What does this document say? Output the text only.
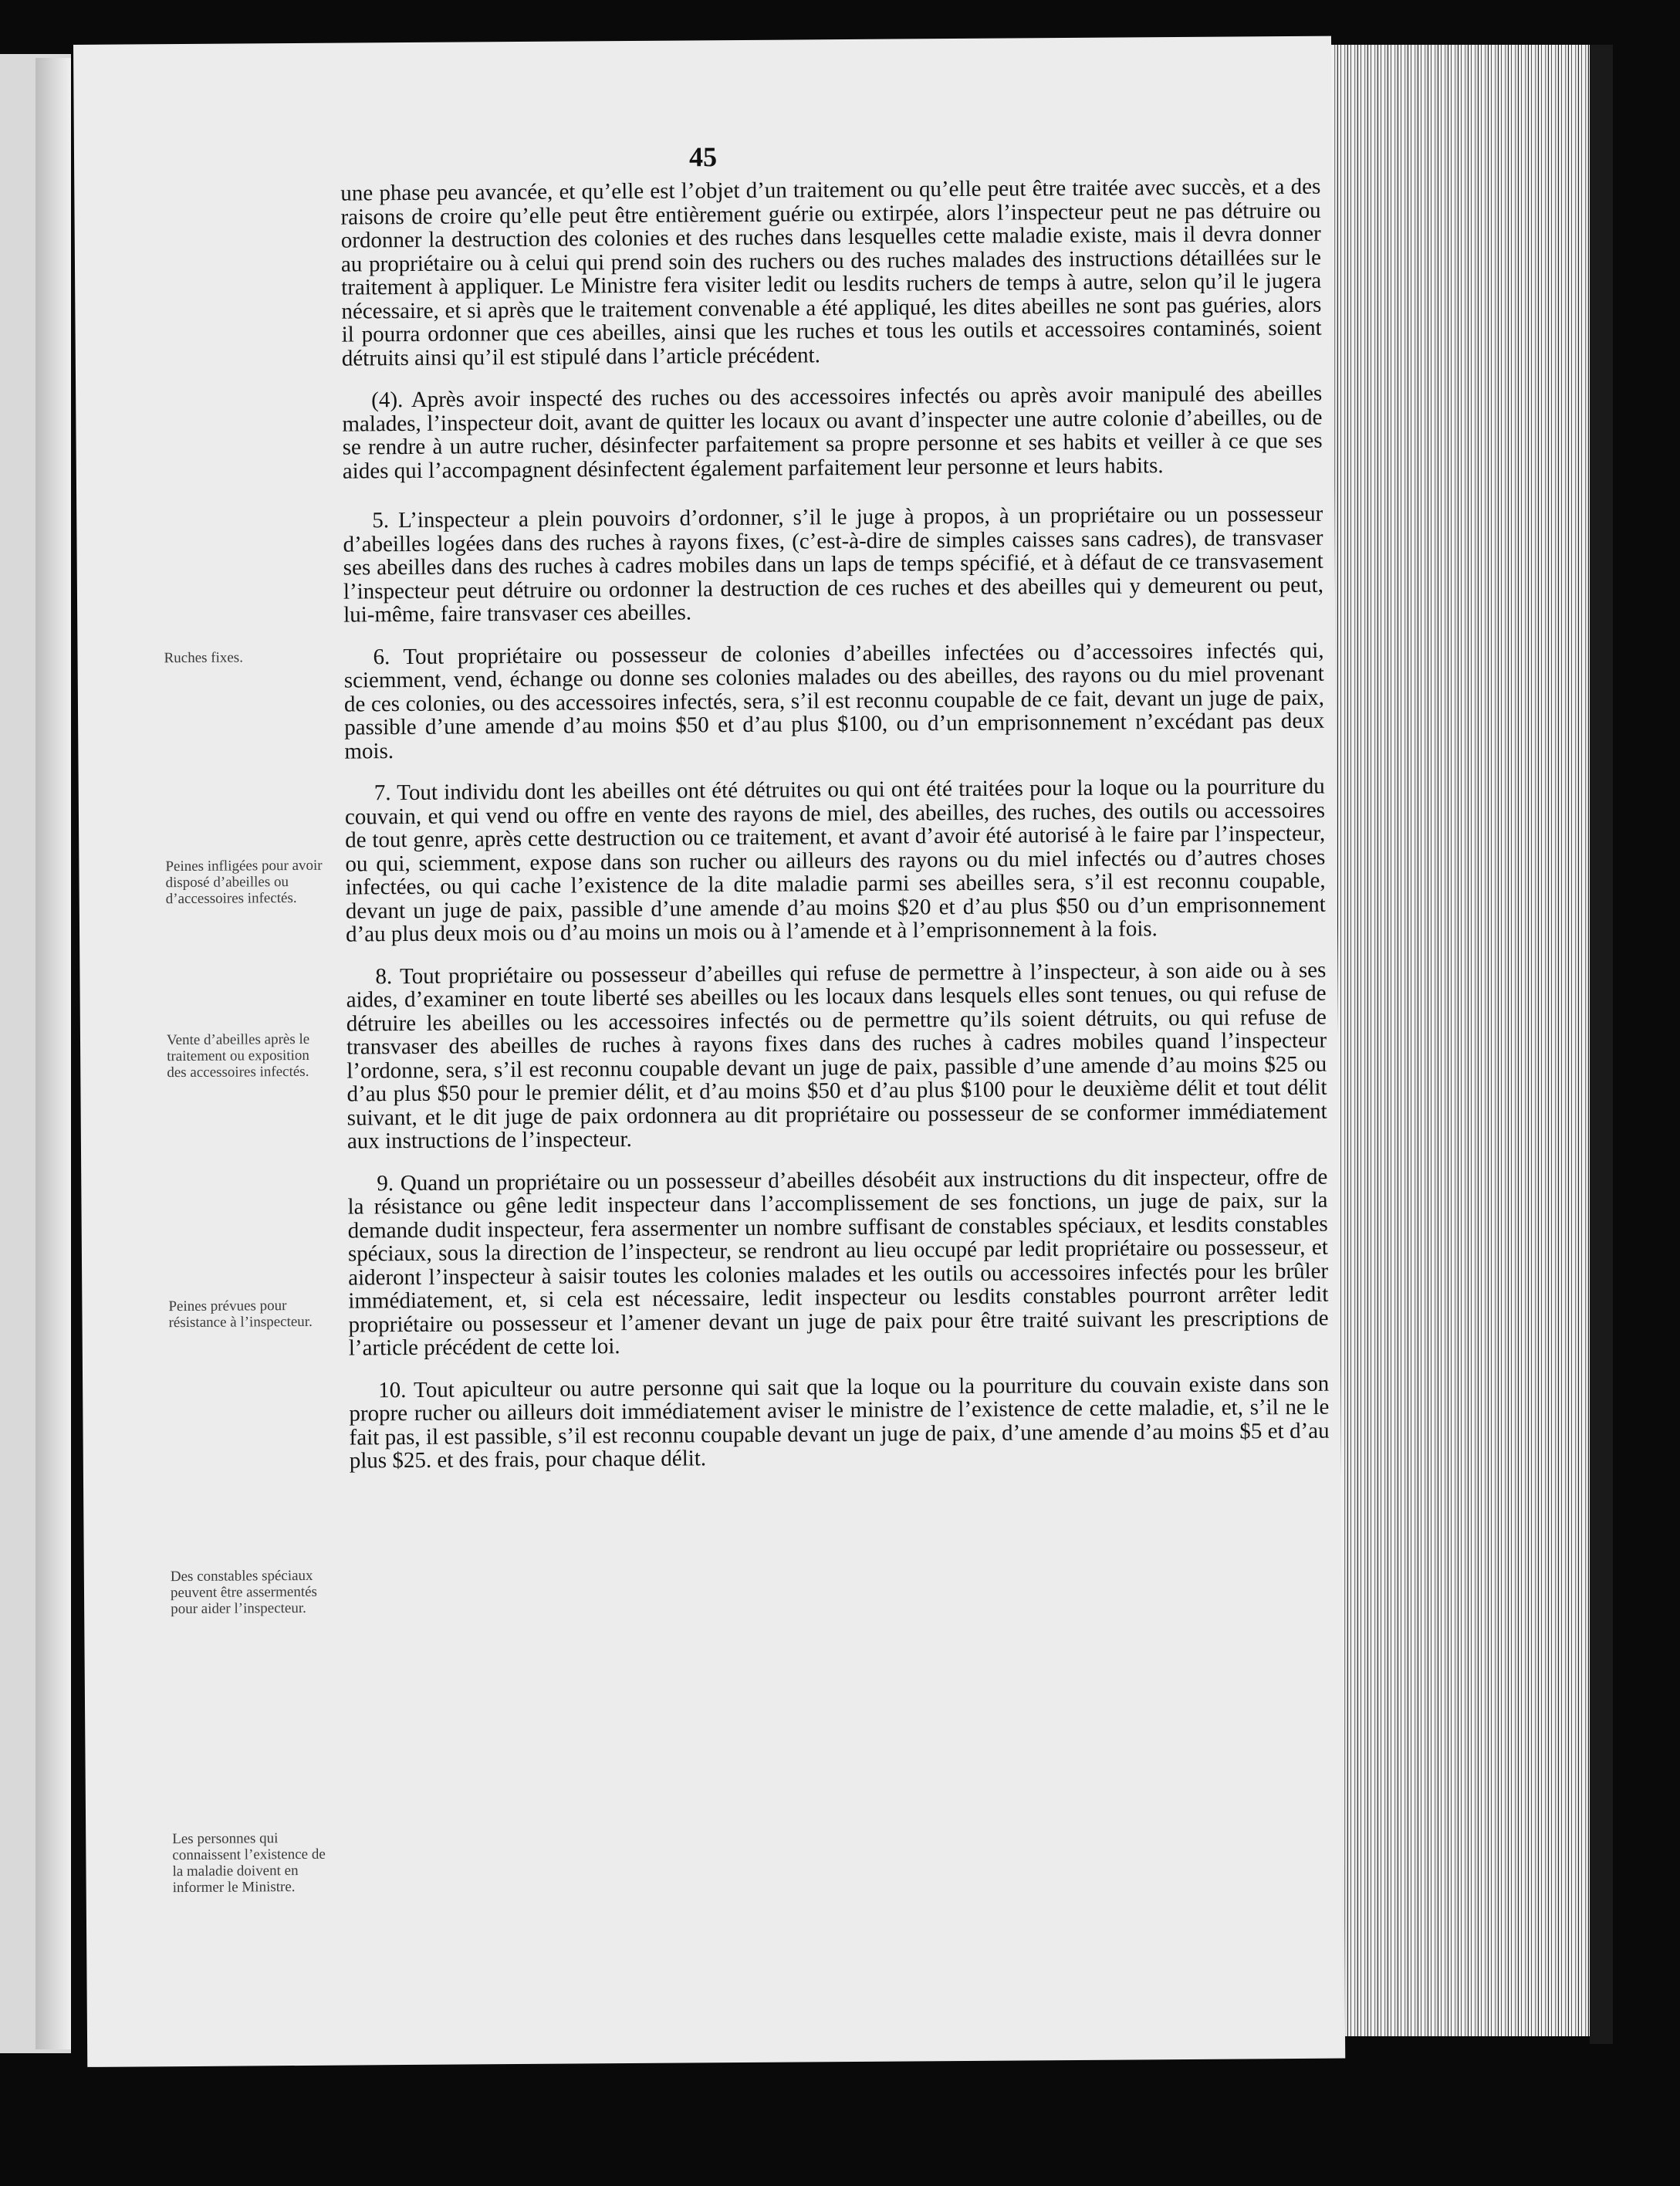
45

une phase peu avancée, et qu’elle est l’objet d’un traitement ou qu’elle peut être traitée avec succès, et a des raisons de croire qu’elle peut être entièrement guérie ou extirpée, alors l’inspecteur peut ne pas détruire ou ordonner la destruction des colonies et des ruches dans lesquelles cette maladie existe, mais il devra donner au propriétaire ou à celui qui prend soin des ruchers ou des ruches malades des instructions détaillées sur le traitement à appliquer. Le Ministre fera visiter ledit ou lesdits ruchers de temps à autre, selon qu’il le jugera nécessaire, et si après que le traitement convenable a été appliqué, les dites abeilles ne sont pas guéries, alors il pourra ordonner que ces abeilles, ainsi que les ruches et tous les outils et accessoires contaminés, soient détruits ainsi qu’il est stipulé dans l’article précédent.

(4). Après avoir inspecté des ruches ou des accessoires infectés ou après avoir manipulé des abeilles malades, l’inspecteur doit, avant de quitter les locaux ou avant d’inspecter une autre colonie d’abeilles, ou de se rendre à un autre rucher, désinfecter parfaitement sa propre personne et ses habits et veiller à ce que ses aides qui l’accompagnent désinfectent également parfaitement leur personne et leurs habits.

5. L’inspecteur a plein pouvoirs d’ordonner, s’il le juge à propos, à un propriétaire ou un possesseur d’abeilles logées dans des ruches à rayons fixes, (c’est-à-dire de simples caisses sans cadres), de transvaser ses abeilles dans des ruches à cadres mobiles dans un laps de temps spécifié, et à défaut de ce transvasement l’inspecteur peut détruire ou ordonner la destruction de ces ruches et des abeilles qui y demeurent ou peut, lui-même, faire transvaser ces abeilles.

6. Tout propriétaire ou possesseur de colonies d’abeilles infectées ou d’accessoires infectés qui, sciemment, vend, échange ou donne ses colonies malades ou des abeilles, des rayons ou du miel provenant de ces colonies, ou des accessoires infectés, sera, s’il est reconnu coupable de ce fait, devant un juge de paix, passible d’une amende d’au moins $50 et d’au plus $100, ou d’un emprisonnement n’excédant pas deux mois.

7. Tout individu dont les abeilles ont été détruites ou qui ont été traitées pour la loque ou la pourriture du couvain, et qui vend ou offre en vente des rayons de miel, des abeilles, des ruches, des outils ou accessoires de tout genre, après cette destruction ou ce traitement, et avant d’avoir été autorisé à le faire par l’inspecteur, ou qui, sciemment, expose dans son rucher ou ailleurs des rayons ou du miel infectés ou d’autres choses infectées, ou qui cache l’existence de la dite maladie parmi ses abeilles sera, s’il est reconnu coupable, devant un juge de paix, passible d’une amende d’au moins $20 et d’au plus $50 ou d’un emprisonnement d’au plus deux mois ou d’au moins un mois ou à l’amende et à l’emprisonnement à la fois.

8. Tout propriétaire ou possesseur d’abeilles qui refuse de permettre à l’inspecteur, à son aide ou à ses aides, d’examiner en toute liberté ses abeilles ou les locaux dans lesquels elles sont tenues, ou qui refuse de détruire les abeilles ou les accessoires infectés ou de permettre qu’ils soient détruits, ou qui refuse de transvaser des abeilles de ruches à rayons fixes dans des ruches à cadres mobiles quand l’inspecteur l’ordonne, sera, s’il est reconnu coupable devant un juge de paix, passible d’une amende d’au moins $25 ou d’au plus $50 pour le premier délit, et d’au moins $50 et d’au plus $100 pour le deuxième délit et tout délit suivant, et le dit juge de paix ordonnera au dit propriétaire ou possesseur de se conformer immédiatement aux instructions de l’inspecteur.

9. Quand un propriétaire ou un possesseur d’abeilles désobéit aux instructions du dit inspecteur, offre de la résistance ou gêne ledit inspecteur dans l’accomplissement de ses fonctions, un juge de paix, sur la demande dudit inspecteur, fera assermenter un nombre suffisant de constables spéciaux, et lesdits constables spéciaux, sous la direction de l’inspecteur, se rendront au lieu occupé par ledit propriétaire ou possesseur, et aideront l’inspecteur à saisir toutes les colonies malades et les outils ou accessoires infectés pour les brûler immédiatement, et, si cela est nécessaire, ledit inspecteur ou lesdits constables pourront arrêter ledit propriétaire ou possesseur et l’amener devant un juge de paix pour être traité suivant les prescriptions de l’article précédent de cette loi.

10. Tout apiculteur ou autre personne qui sait que la loque ou la pourriture du couvain existe dans son propre rucher ou ailleurs doit immédiatement aviser le ministre de l’existence de cette maladie, et, s’il ne le fait pas, il est passible, s’il est reconnu coupable devant un juge de paix, d’une amende d’au moins $5 et d’au plus $25. et des frais, pour chaque délit.

Ruches fixes.
Peines infligées pour avoir disposé d’abeilles ou d’accessoires infectés.
Vente d’abeilles après le traitement ou exposition des accessoires infectés.
Peines prévues pour résistance à l’inspecteur.
Des constables spéciaux peuvent être assermentés pour aider l’inspecteur.
Les personnes qui connaissent l’existence de la maladie doivent en informer le Ministre.
